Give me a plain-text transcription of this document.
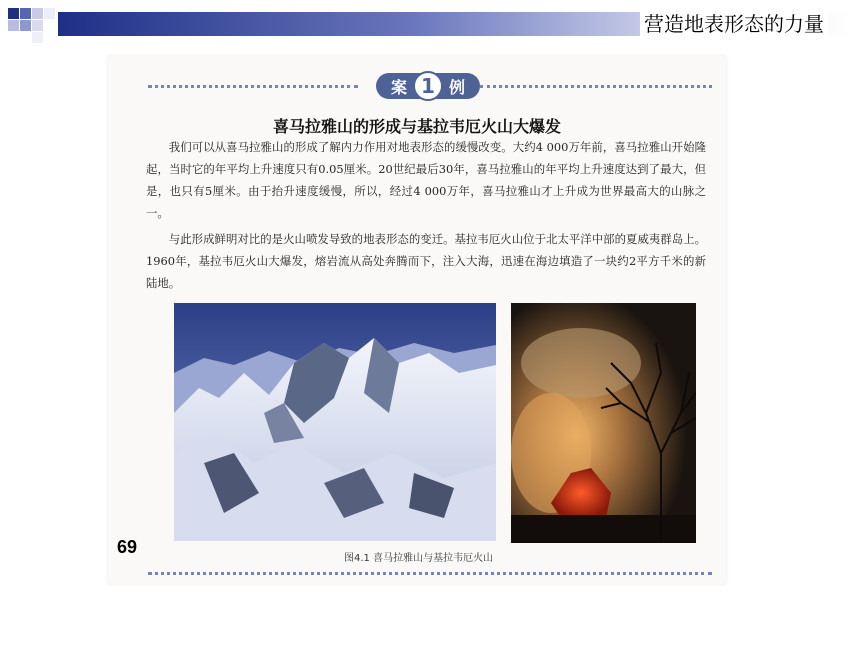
营造地表形态的力量
案 1 例
喜马拉雅山的形成与基拉韦厄火山大爆发

我们可以从喜马拉雅山的形成了解内力作用对地表形态的缓慢改变。大约4 000万年前，喜马拉雅山开始隆起，当时它的年平均上升速度只有0.05厘米。20世纪最后30年，喜马拉雅山的年平均上升速度达到了最大，但是，也只有5厘米。由于抬升速度缓慢，所以，经过4 000万年，喜马拉雅山才上升成为世界最高大的山脉之一。

与此形成鲜明对比的是火山喷发导致的地表形态的变迁。基拉韦厄火山位于北太平洋中部的夏威夷群岛上。1960年，基拉韦厄火山大爆发，熔岩流从高处奔腾而下，注入大海，迅速在海边填造了一块约2平方千米的新陆地。

图4.1 喜马拉雅山与基拉韦厄火山
69
